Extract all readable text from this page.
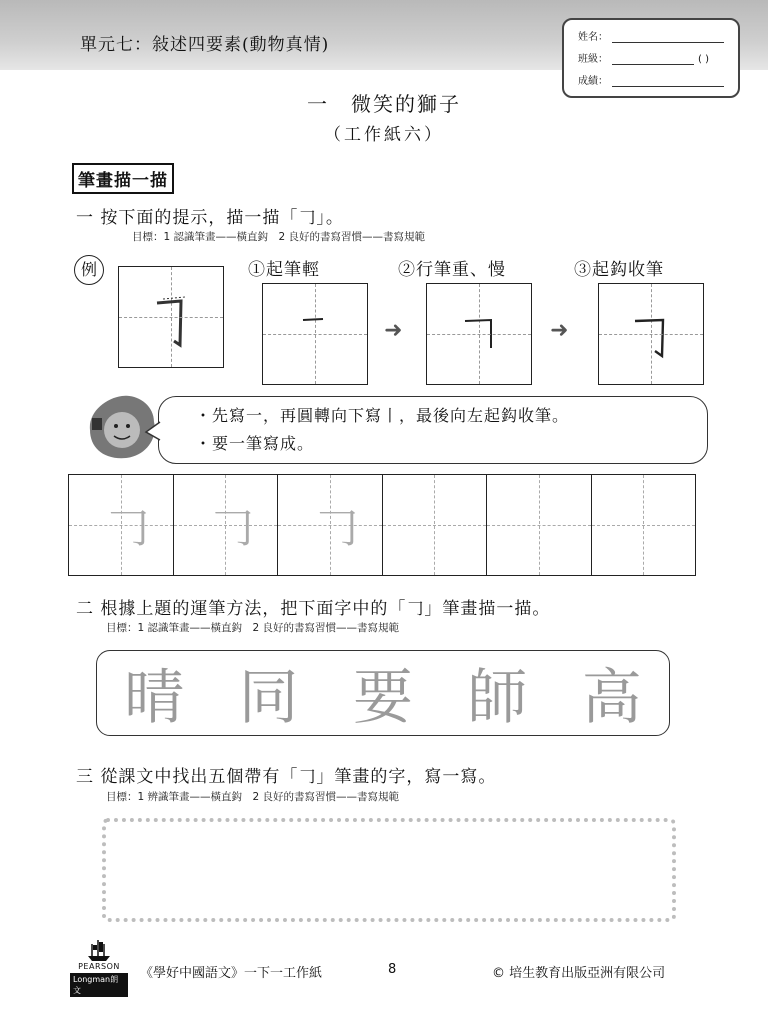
單元七：敍述四要素(動物真情)	姓名：
班級：	( )
成績：
一　微笑的獅子
（工作紙六）
筆畫描一描
一 按下面的提示，描一描「𠃌」。
目標：1 認識筆畫——橫直鈎　2 良好的書寫習慣——書寫規範
例	①起筆輕	②行筆重、慢	③起鈎收筆
➜	➜
・先寫一，再圓轉向下寫丨，最後向左起鈎收筆。
・要一筆寫成。
𠃌 𠃌 𠃌
二 根據上題的運筆方法，把下面字中的「𠃌」筆畫描一描。
目標：1 認識筆畫——橫直鈎　2 良好的書寫習慣——書寫規範
晴 同 要 師 高
三 從課文中找出五個帶有「𠃌」筆畫的字，寫一寫。
目標：1 辨識筆畫——橫直鈎　2 良好的書寫習慣——書寫規範
PEARSON
Longman朗文
《學好中國語文》一下一工作紙	8	© 培生教育出版亞洲有限公司
